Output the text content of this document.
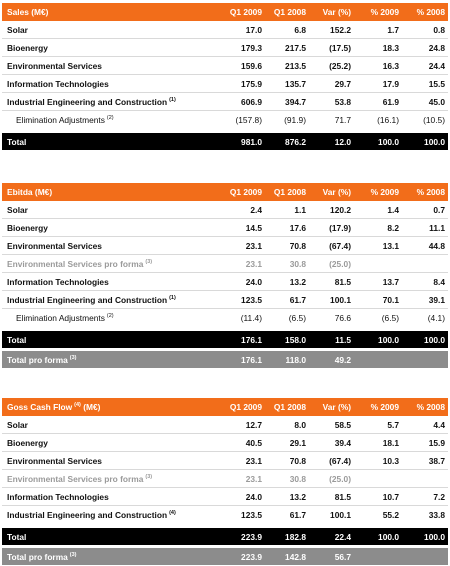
Sales (M€)	Q1 2009	Q1 2008	Var (%)	% 2009	% 2008
Solar	17.0	6.8	152.2	1.7	0.8
Bioenergy	179.3	217.5	(17.5)	18.3	24.8
Environmental Services	159.6	213.5	(25.2)	16.3	24.4
Information Technologies	175.9	135.7	29.7	17.9	15.5
Industrial Engineering and Construction $^{(1)}$	606.9	394.7	53.8	61.9	45.0
Elimination Adjustments $^{(2)}$	(157.8)	(91.9)	71.7	(16.1)	(10.5)

Total	981.0	876.2	12.0	100.0	100.0
Ebitda (M€)	Q1 2009	Q1 2008	Var (%)	% 2009	% 2008
Solar	2.4	1.1	120.2	1.4	0.7
Bioenergy	14.5	17.6	(17.9)	8.2	11.1
Environmental Services	23.1	70.8	(67.4)	13.1	44.8
Environmental Services pro forma $^{(3)}$	23.1	30.8	(25.0)		
Information Technologies	24.0	13.2	81.5	13.7	8.4
Industrial Engineering and Construction $^{(1)}$	123.5	61.7	100.1	70.1	39.1
Elimination Adjustments $^{(2)}$	(11.4)	(6.5)	76.6	(6.5)	(4.1)

Total	176.1	158.0	11.5	100.0	100.0

Total pro forma $^{(3)}$	176.1	118.0	49.2		
Goss Cash Flow $^{(4)}$ (M€)	Q1 2009	Q1 2008	Var (%)	% 2009	% 2008
Solar	12.7	8.0	58.5	5.7	4.4
Bioenergy	40.5	29.1	39.4	18.1	15.9
Environmental Services	23.1	70.8	(67.4)	10.3	38.7
Environmental Services pro forma $^{(3)}$	23.1	30.8	(25.0)		
Information Technologies	24.0	13.2	81.5	10.7	7.2
Industrial Engineering and Construction $^{(4)}$	123.5	61.7	100.1	55.2	33.8

Total	223.9	182.8	22.4	100.0	100.0

Total pro forma $^{(3)}$	223.9	142.8	56.7		
